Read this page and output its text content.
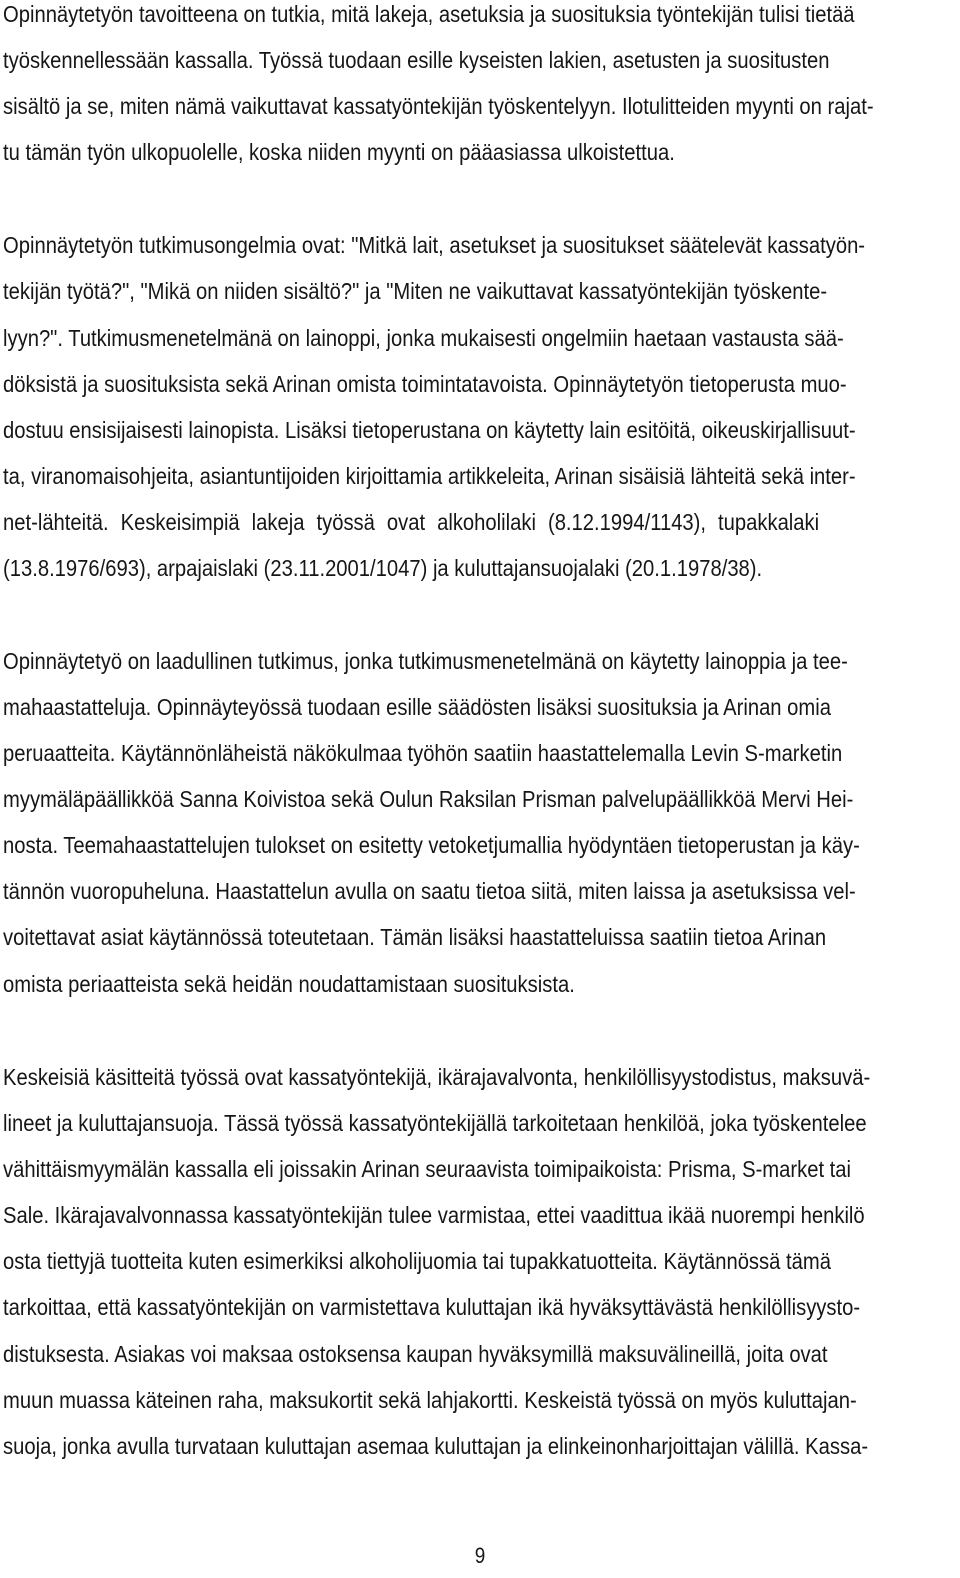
Opinnäytetyön tavoitteena on tutkia, mitä lakeja, asetuksia ja suosituksia työntekijän tulisi tietää
työskennellessään kassalla. Työssä tuodaan esille kyseisten lakien, asetusten ja suositusten
sisältö ja se, miten nämä vaikuttavat kassatyöntekijän työskentelyyn. Ilotulitteiden myynti on rajat-
tu tämän työn ulkopuolelle, koska niiden myynti on pääasiassa ulkoistettua.
Opinnäytetyön tutkimusongelmia ovat: "Mitkä lait, asetukset ja suositukset säätelevät kassatyön-
tekijän työtä?", "Mikä on niiden sisältö?" ja "Miten ne vaikuttavat kassatyöntekijän työskente-
lyyn?". Tutkimusmenetelmänä on lainoppi, jonka mukaisesti ongelmiin haetaan vastausta sää-
döksistä ja suosituksista sekä Arinan omista toimintatavoista. Opinnäytetyön tietoperusta muo-
dostuu ensisijaisesti lainopista. Lisäksi tietoperustana on käytetty lain esitöitä, oikeuskirjallisuut-
ta, viranomaisohjeita, asiantuntijoiden kirjoittamia artikkeleita, Arinan sisäisiä lähteitä sekä inter-
net-lähteitä. Keskeisimpiä lakeja työssä ovat alkoholilaki (8.12.1994/1143), tupakkalaki
(13.8.1976/693), arpajaislaki (23.11.2001/1047) ja kuluttajansuojalaki (20.1.1978/38).
Opinnäytetyö on laadullinen tutkimus, jonka tutkimusmenetelmänä on käytetty lainoppia ja tee-
mahaastatteluja. Opinnäyteyössä tuodaan esille säädösten lisäksi suosituksia ja Arinan omia
peruaatteita. Käytännönläheistä näkökulmaa työhön saatiin haastattelemalla Levin S-marketin
myymäläpäällikköä Sanna Koivistoa sekä Oulun Raksilan Prisman palvelupäällikköä Mervi Hei-
nosta. Teemahaastattelujen tulokset on esitetty vetoketjumallia hyödyntäen tietoperustan ja käy-
tännön vuoropuheluna. Haastattelun avulla on saatu tietoa siitä, miten laissa ja asetuksissa vel-
voitettavat asiat käytännössä toteutetaan. Tämän lisäksi haastatteluissa saatiin tietoa Arinan
omista periaatteista sekä heidän noudattamistaan suosituksista.
Keskeisiä käsitteitä työssä ovat kassatyöntekijä, ikärajavalvonta, henkilöllisyystodistus, maksuvä-
lineet ja kuluttajansuoja. Tässä työssä kassatyöntekijällä tarkoitetaan henkilöä, joka työskentelee
vähittäismyymälän kassalla eli joissakin Arinan seuraavista toimipaikoista: Prisma, S-market tai
Sale. Ikärajavalvonnassa kassatyöntekijän tulee varmistaa, ettei vaadittua ikää nuorempi henkilö
osta tiettyjä tuotteita kuten esimerkiksi alkoholijuomia tai tupakkatuotteita. Käytännössä tämä
tarkoittaa, että kassatyöntekijän on varmistettava kuluttajan ikä hyväksyttävästä henkilöllisyysto-
distuksesta. Asiakas voi maksaa ostoksensa kaupan hyväksymillä maksuvälineillä, joita ovat
muun muassa käteinen raha, maksukortit sekä lahjakortti. Keskeistä työssä on myös kuluttajan-
suoja, jonka avulla turvataan kuluttajan asemaa kuluttajan ja elinkeinonharjoittajan välillä. Kassa-
9
